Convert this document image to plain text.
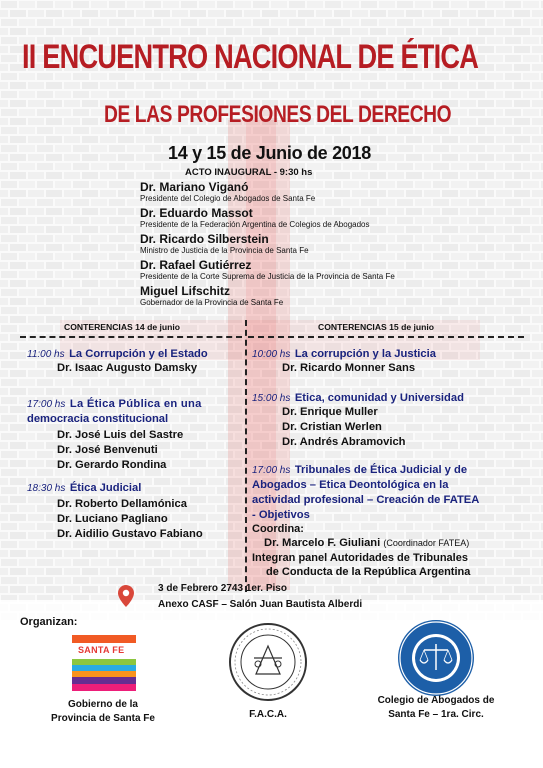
II ENCUENTRO NACIONAL DE ÉTICA
DE LAS PROFESIONES DEL DERECHO
14 y 15 de Junio de 2018
ACTO INAUGURAL - 9:30 hs
Dr. Mariano Viganó
Presidente del Colegio de Abogados de Santa Fe
Dr. Eduardo Massot
Presidente de la Federación Argentina de Colegios de Abogados
Dr. Ricardo Silberstein
Ministro de Justicia de la Provincia de Santa Fe
Dr. Rafael Gutiérrez
Presidente de la Corte Suprema de Justicia de la Provincia de Santa Fe
Miguel Lifschitz
Gobernador de la Provincia de Santa Fe
CONTERENCIAS 14 de junio	CONTERENCIAS 15 de junio
11:00 hs La Corrupción y el Estado
Dr. Isaac Augusto Damsky
17:00 hs La Ética Pública en una
democracia constitucional
Dr. José Luis del Sastre
Dr. José Benvenuti
Dr. Gerardo Rondina
18:30 hs Ética Judicial
Dr. Roberto Dellamónica
Dr. Luciano Pagliano
Dr. Aidilio Gustavo Fabiano
10:00 hs La corrupción y la Justicia
Dr. Ricardo Monner Sans
15:00 hs Etica, comunidad y Universidad
Dr. Enrique Muller
Dr. Cristian Werlen
Dr. Andrés Abramovich
17:00 hs Tribunales de Ética Judicial y de
Abogados – Etica Deontológica en la
actividad profesional – Creación de FATEA
- Objetivos
Coordina:
Dr. Marcelo F. Giuliani (Coordinador FATEA)
Integran panel Autoridades de Tribunales
de Conducta de la República Argentina
3 de Febrero 2743 1er. Piso
Anexo CASF – Salón Juan Bautista Alberdi
Organizan:
SANTA FE
Gobierno de la
Provincia de Santa Fe	F.A.C.A.
Colegio de Abogados de
Santa Fe – 1ra. Circ.
